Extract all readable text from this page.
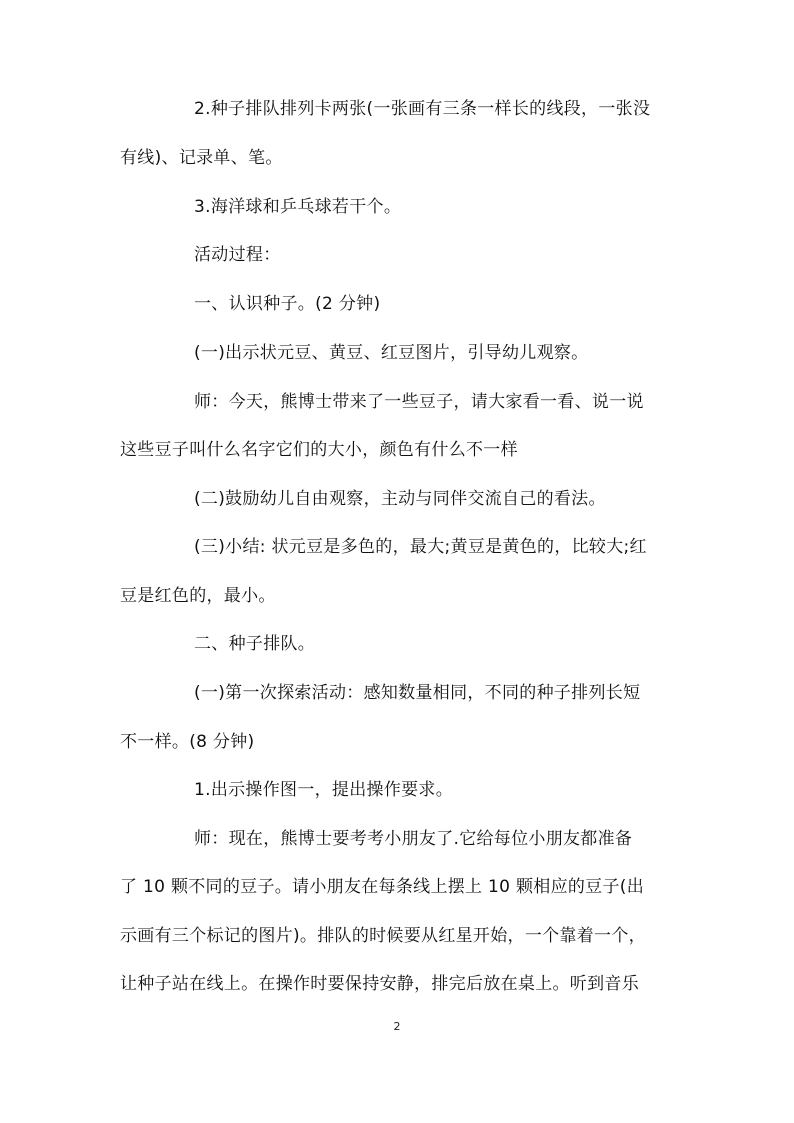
2.种子排队排列卡两张(一张画有三条一样长的线段，一张没
有线)、记录单、笔。
3.海洋球和乒乓球若干个。
活动过程：
一、认识种子。(2 分钟)
(一)出示状元豆、黄豆、红豆图片，引导幼儿观察。
师：今天，熊博士带来了一些豆子，请大家看一看、说一说
这些豆子叫什么名字它们的大小，颜色有什么不一样
(二)鼓励幼儿自由观察，主动与同伴交流自己的看法。
(三)小结: 状元豆是多色的，最大;黄豆是黄色的，比较大;红
豆是红色的，最小。
二、种子排队。
(一)第一次探索活动：感知数量相同，不同的种子排列长短
不一样。(8 分钟)
1.出示操作图一，提出操作要求。
师：现在，熊博士要考考小朋友了.它给每位小朋友都准备
了 10 颗不同的豆子。请小朋友在每条线上摆上 10 颗相应的豆子(出
示画有三个标记的图片)。排队的时候要从红星开始，一个靠着一个，
让种子站在线上。在操作时要保持安静，排完后放在桌上。听到音乐
2
